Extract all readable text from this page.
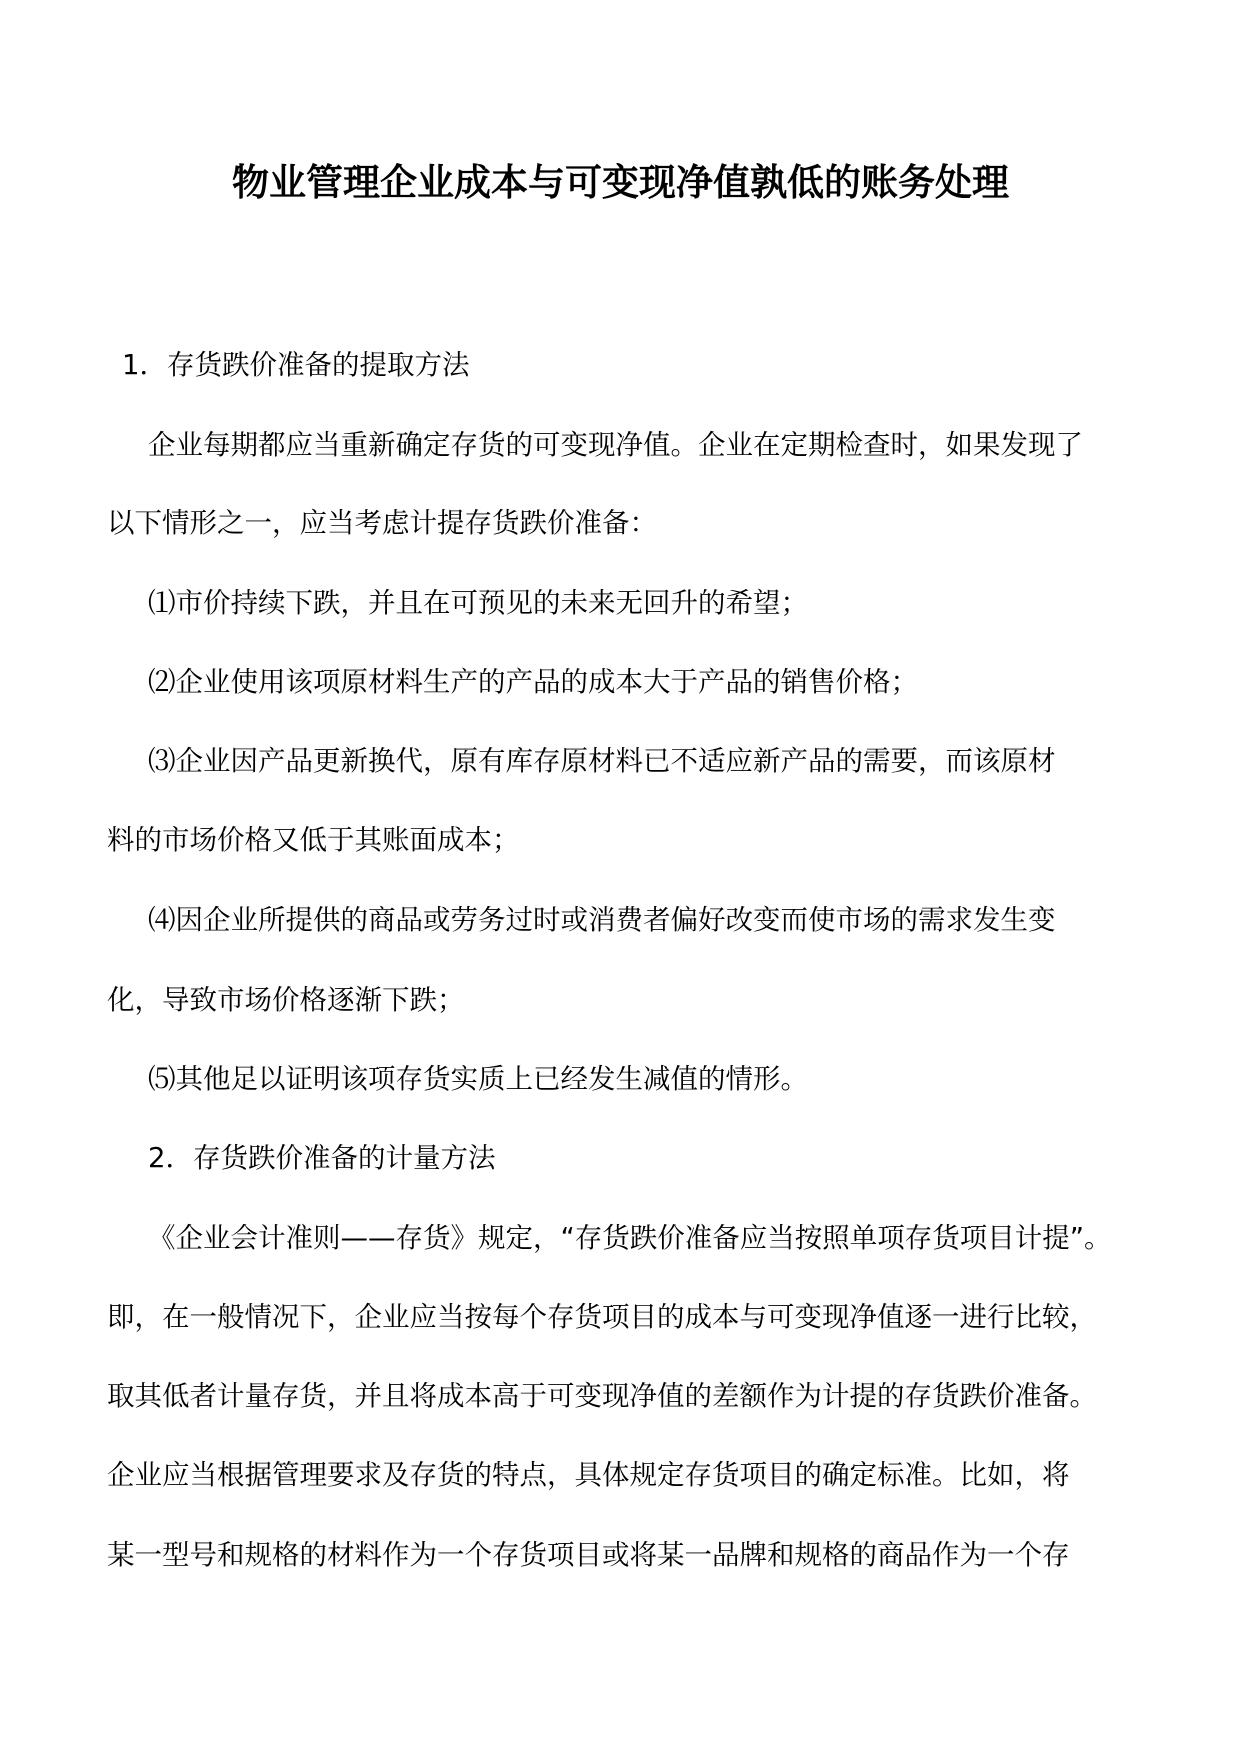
物业管理企业成本与可变现净值孰低的账务处理
1．存货跌价准备的提取方法
企业每期都应当重新确定存货的可变现净值。企业在定期检查时，如果发现了
以下情形之一，应当考虑计提存货跌价准备：
⑴市价持续下跌，并且在可预见的未来无回升的希望；
⑵企业使用该项原材料生产的产品的成本大于产品的销售价格；
⑶企业因产品更新换代，原有库存原材料已不适应新产品的需要，而该原材
料的市场价格又低于其账面成本；
⑷因企业所提供的商品或劳务过时或消费者偏好改变而使市场的需求发生变
化，导致市场价格逐渐下跌；
⑸其他足以证明该项存货实质上已经发生减值的情形。
2．存货跌价准备的计量方法
《企业会计准则——存货》规定，“存货跌价准备应当按照单项存货项目计提”。
即，在一般情况下，企业应当按每个存货项目的成本与可变现净值逐一进行比较，
取其低者计量存货，并且将成本高于可变现净值的差额作为计提的存货跌价准备。
企业应当根据管理要求及存货的特点，具体规定存货项目的确定标准。比如，将
某一型号和规格的材料作为一个存货项目或将某一品牌和规格的商品作为一个存
